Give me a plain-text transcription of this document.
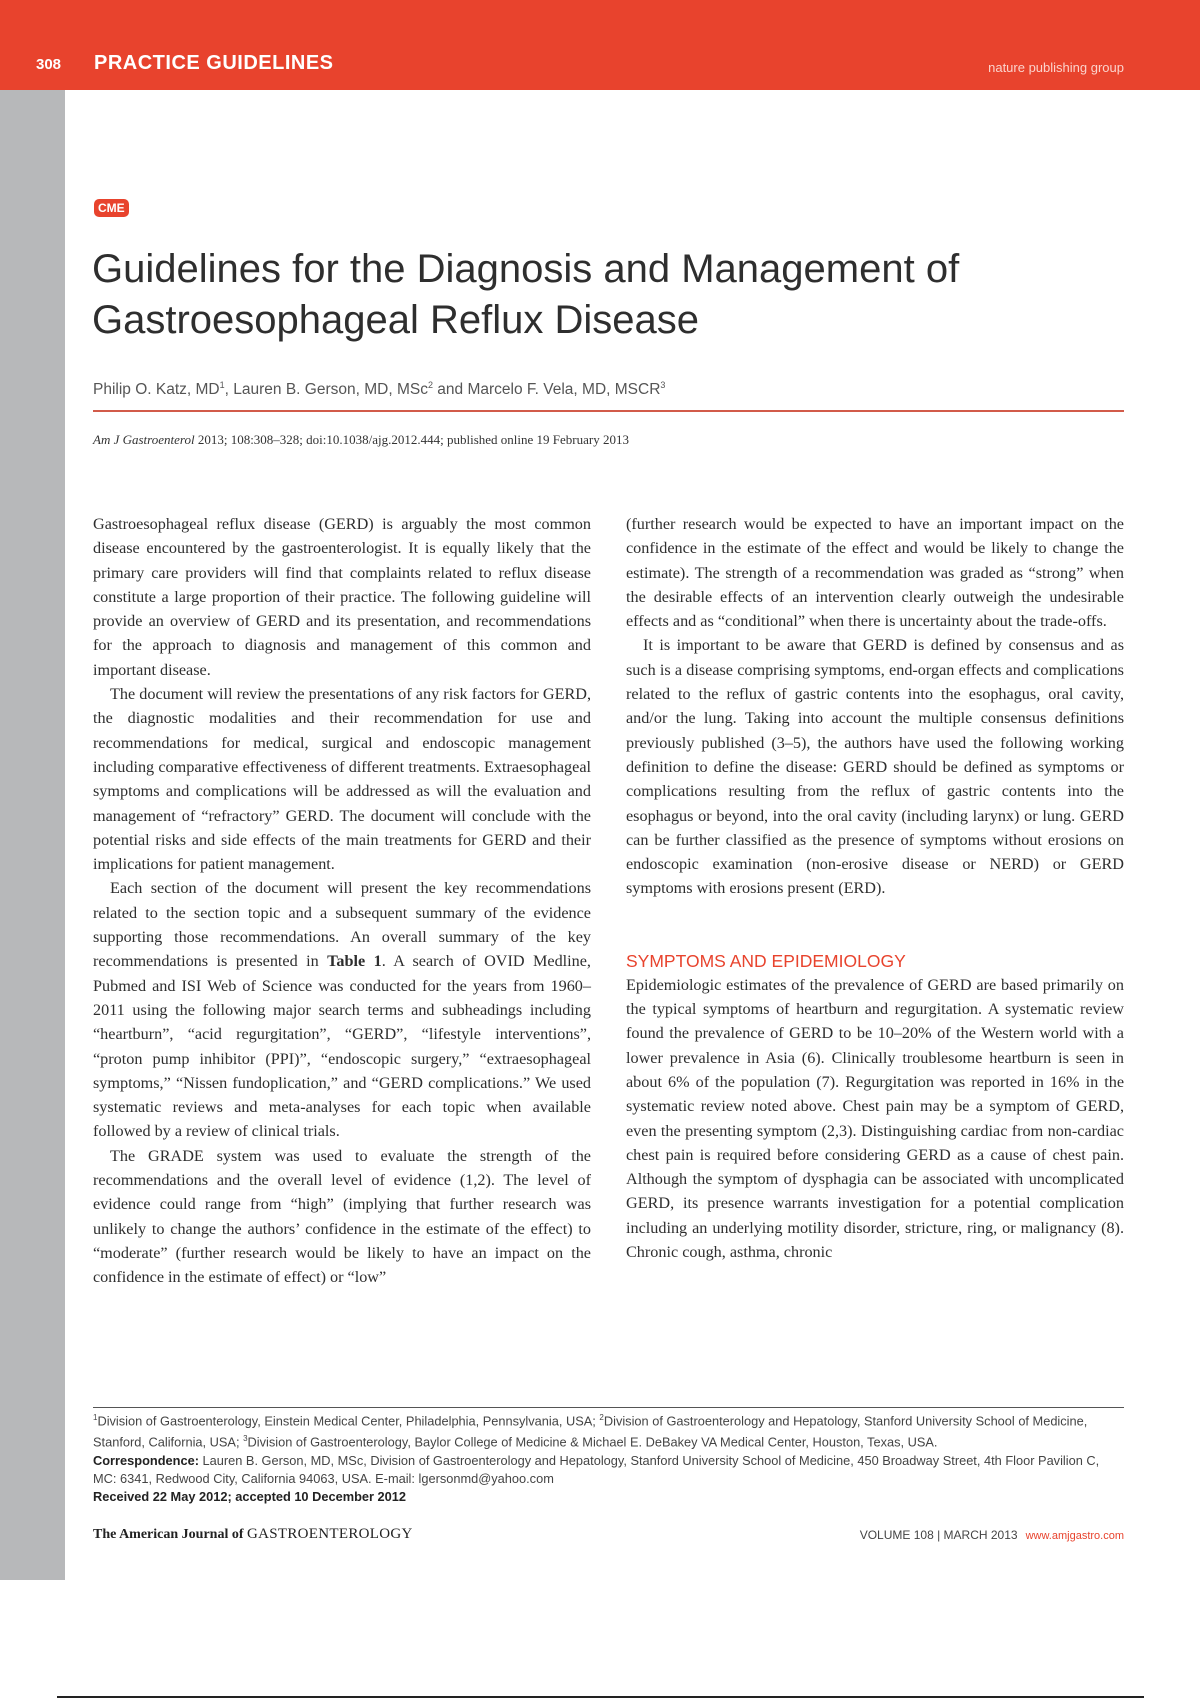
308 PRACTICE GUIDELINES	nature publishing group
CME
Guidelines for the Diagnosis and Management of Gastroesophageal Reflux Disease
Philip O. Katz, $MD^1$, Lauren B. Gerson, MD, MSc$^2$ and Marcelo F. Vela, MD, MSCR$^3$
Am J Gastroenterol 2013; 108:308–328; doi:10.1038/ajg.2012.444; published online 19 February 2013

Gastroesophageal reflux disease (GERD) is arguably the most common disease encountered by the gastroenterologist. It is equally likely that the primary care providers will find that complaints related to reflux disease constitute a large proportion of their practice. The following guideline will provide an overview of GERD and its presentation, and recommendations for the approach to diagnosis and management of this common and important disease.

The document will review the presentations of any risk factors for GERD, the diagnostic modalities and their recommendation for use and recommendations for medical, surgical and endoscopic management including comparative effectiveness of different treatments. Extraesophageal symptoms and complications will be addressed as will the evaluation and management of “refractory” GERD. The document will conclude with the potential risks and side effects of the main treatments for GERD and their implications for patient management.

Each section of the document will present the key recommendations related to the section topic and a subsequent summary of the evidence supporting those recommendations. An overall summary of the key recommendations is presented in Table 1. A search of OVID Medline, Pubmed and ISI Web of Science was conducted for the years from 1960–2011 using the following major search terms and subheadings including “heartburn”, “acid regurgitation”, “GERD”, “lifestyle interventions”, “proton pump inhibitor (PPI)”, “endoscopic surgery,” “extraesophageal symptoms,” “Nissen fundoplication,” and “GERD complications.” We used systematic reviews and meta-analyses for each topic when available followed by a review of clinical trials.

The GRADE system was used to evaluate the strength of the recommendations and the overall level of evidence (1,2). The level of evidence could range from “high” (implying that further research was unlikely to change the authors’ confidence in the estimate of the effect) to “moderate” (further research would be likely to have an impact on the confidence in the estimate of effect) or “low”

(further research would be expected to have an important impact on the confidence in the estimate of the effect and would be likely to change the estimate). The strength of a recommendation was graded as “strong” when the desirable effects of an intervention clearly outweigh the undesirable effects and as “conditional” when there is uncertainty about the trade-offs.

It is important to be aware that GERD is defined by consensus and as such is a disease comprising symptoms, end-organ effects and complications related to the reflux of gastric contents into the esophagus, oral cavity, and/or the lung. Taking into account the multiple consensus definitions previously published (3–5), the authors have used the following working definition to define the disease: GERD should be defined as symptoms or complications resulting from the reflux of gastric contents into the esophagus or beyond, into the oral cavity (including larynx) or lung. GERD can be further classified as the presence of symptoms without erosions on endoscopic examination (non-erosive disease or NERD) or GERD symptoms with erosions present (ERD).

SYMPTOMS AND EPIDEMIOLOGY

Epidemiologic estimates of the prevalence of GERD are based primarily on the typical symptoms of heartburn and regurgitation. A systematic review found the prevalence of GERD to be 10–20% of the Western world with a lower prevalence in Asia (6). Clinically troublesome heartburn is seen in about 6% of the population (7). Regurgitation was reported in 16% in the systematic review noted above. Chest pain may be a symptom of GERD, even the presenting symptom (2,3). Distinguishing cardiac from non-cardiac chest pain is required before considering GERD as a cause of chest pain. Although the symptom of dysphagia can be associated with uncomplicated GERD, its presence warrants investigation for a potential complication including an underlying motility disorder, stricture, ring, or malignancy (8). Chronic cough, asthma, chronic

$^1$Division of Gastroenterology, Einstein Medical Center, Philadelphia, Pennsylvania, USA; $^2$Division of Gastroenterology and Hepatology, Stanford University School of Medicine, Stanford, California, USA; $^3$Division of Gastroenterology, Baylor College of Medicine & Michael E. DeBakey VA Medical Center, Houston, Texas, USA.
Correspondence: Lauren B. Gerson, MD, MSc, Division of Gastroenterology and Hepatology, Stanford University School of Medicine, 450 Broadway Street, 4th Floor Pavilion C, MC: 6341, Redwood City, California 94063, USA. E-mail: lgersonmd@yahoo.com
Received 22 May 2012; accepted 10 December 2012
The American Journal of GASTROENTEROLOGY	VOLUME 108 | MARCH 2013 www.amjgastro.com
